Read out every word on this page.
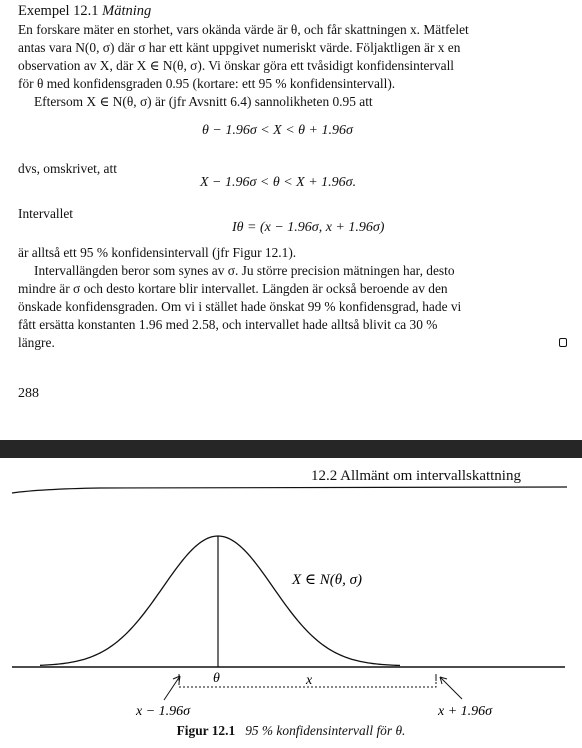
Exempel 12.1 Mätning
En forskare mäter en storhet, vars okända värde är θ, och får skattningen x. Mätfelet
antas vara N(0, σ) där σ har ett känt uppgivet numeriskt värde. Följaktligen är x en
observation av X, där X ∈ N(θ, σ). Vi önskar göra ett tvåsidigt konfidensintervall
för θ med konfidensgraden 0.95 (kortare: ett 95 % konfidensintervall).
Eftersom X ∈ N(θ, σ) är (jfr Avsnitt 6.4) sannolikheten 0.95 att
θ − 1.96σ < X < θ + 1.96σ
dvs, omskrivet, att
X − 1.96σ < θ < X + 1.96σ.
Intervallet
Iθ = (x − 1.96σ, x + 1.96σ)
är alltså ett 95 % konfidensintervall (jfr Figur 12.1).
Intervallängden beror som synes av σ. Ju större precision mätningen har, desto
mindre är σ och desto kortare blir intervallet. Längden är också beroende av den
önskade konfidensgraden. Om vi i stället hade önskat 99 % konfidensgrad, hade vi
fått ersätta konstanten 1.96 med 2.58, och intervallet hade alltså blivit ca 30 %
längre.
288
12.2 Allmänt om intervallskattning
X ∈ N(θ, σ)
θ	x
x − 1.96σ	x + 1.96σ
Figur 12.1 95 % konfidensintervall för θ.
